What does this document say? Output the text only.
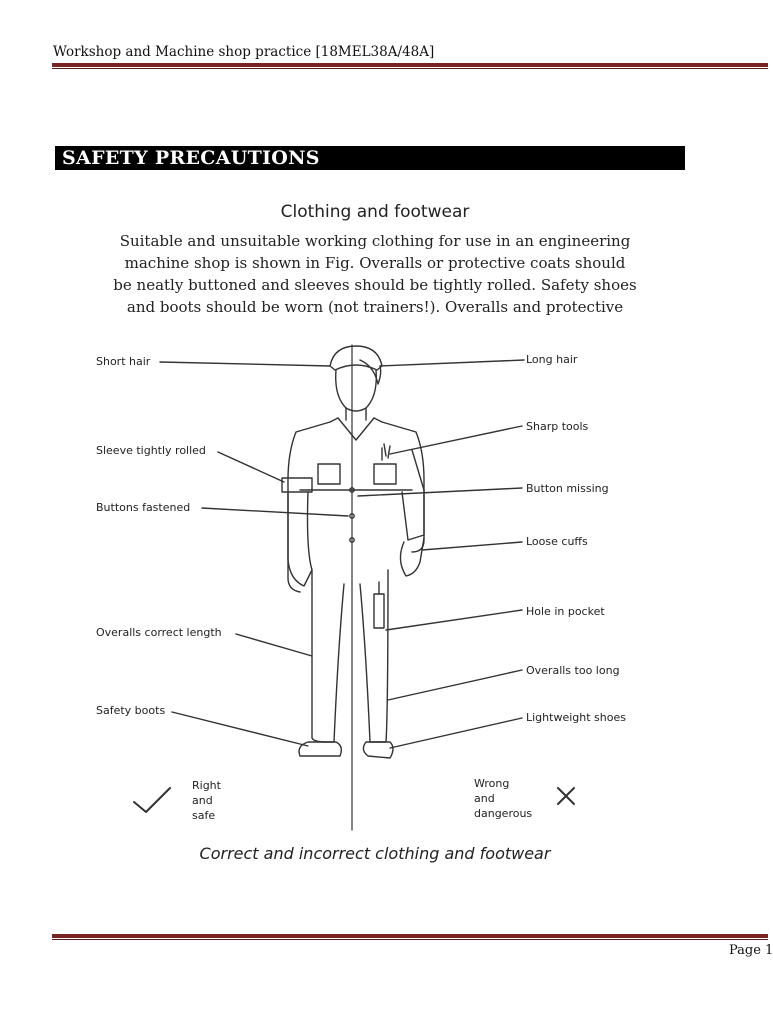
Workshop and Machine shop practice [18MEL38A/48A]
SAFETY PRECAUTIONS
Clothing and footwear
Suitable and unsuitable working clothing for use in an engineering
machine shop is shown in Fig. Overalls or protective coats should
be neatly buttoned and sleeves should be tightly rolled. Safety shoes
and boots should be worn (not trainers!). Overalls and protective
Short hair
Sleeve tightly rolled
Buttons fastened
Overalls correct length
Safety boots
Long hair
Sharp tools
Button missing
Loose cuffs
Hole in pocket
Overalls too long
Lightweight shoes
Right
and
safe
Wrong
and
dangerous
Correct and incorrect clothing and footwear
Page 1
